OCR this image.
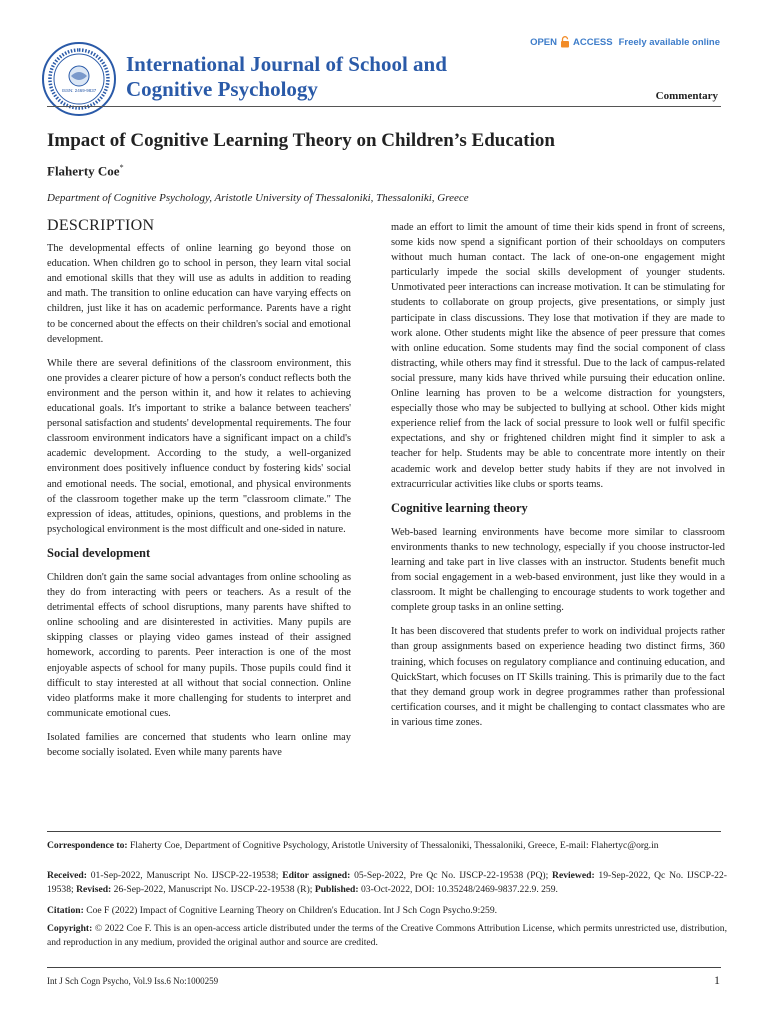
ISSN: 2469-9837
International Journal of School and
Cognitive Psychology
OPEN ACCESS Freely available online
Commentary
Impact of Cognitive Learning Theory on Children’s Education
Flaherty Coe*
Department of Cognitive Psychology, Aristotle University of Thessaloniki, Thessaloniki, Greece
DESCRIPTION

The developmental effects of online learning go beyond those on education. When children go to school in person, they learn vital social and emotional skills that they will use as adults in addition to reading and math. The transition to online education can have varying effects on children, just like it has on academic performance. Parents have a right to be concerned about the effects on their children's social and emotional development.

While there are several definitions of the classroom environment, this one provides a clearer picture of how a person's conduct reflects both the environment and the person within it, and how it relates to achieving educational goals. It's important to strike a balance between teachers' personal satisfaction and students' developmental requirements. The four classroom environment indicators have a significant impact on a child's academic development. According to the study, a well-organized environment does positively influence conduct by fostering kids' social and emotional needs. The social, emotional, and physical environments of the classroom together make up the term "classroom climate." The expression of ideas, attitudes, opinions, questions, and problems in the psychological environment is the most difficult and one-sided in nature.

Social development

Children don't gain the same social advantages from online schooling as they do from interacting with peers or teachers. As a result of the detrimental effects of school disruptions, many parents have shifted to online schooling and are disinterested in activities. Many pupils are skipping classes or playing video games instead of their assigned homework, according to parents. Peer interaction is one of the most enjoyable aspects of school for many pupils. Those pupils could find it difficult to stay interested at all without that social connection. Online video platforms make it more challenging for students to interpret and communicate emotional cues.

Isolated families are concerned that students who learn online may become socially isolated. Even while many parents have

made an effort to limit the amount of time their kids spend in front of screens, some kids now spend a significant portion of their schooldays on computers without much human contact. The lack of one-on-one engagement might particularly impede the social skills development of younger students. Unmotivated peer interactions can increase motivation. It can be stimulating for students to collaborate on group projects, give presentations, or simply just participate in class discussions. They lose that motivation if they are made to work alone. Other students might like the absence of peer pressure that comes with online education. Some students may find the social component of class distracting, while others may find it stressful. Due to the lack of campus-related social pressure, many kids have thrived while pursuing their education online. Online learning has proven to be a welcome distraction for youngsters, especially those who may be subjected to bullying at school. Other kids might experience relief from the lack of social pressure to look well or fulfil specific expectations, and shy or frightened children might find it simpler to ask a teacher for help. Students may be able to concentrate more intently on their academic work and develop better study habits if they are not involved in extracurricular activities like clubs or sports teams.

Cognitive learning theory

Web-based learning environments have become more similar to classroom environments thanks to new technology, especially if you choose instructor-led learning and take part in live classes with an instructor. Students benefit much from social engagement in a web-based environment, just like they would in a classroom. It might be challenging to encourage students to work together and complete group tasks in an online setting.

It has been discovered that students prefer to work on individual projects rather than group assignments based on experience heading two distinct firms, 360 training, which focuses on regulatory compliance and continuing education, and QuickStart, which focuses on IT Skills training. This is primarily due to the fact that they demand group work in degree programmes rather than professional certification courses, and it might be challenging to contact classmates who are in various time zones.

Correspondence to: Flaherty Coe, Department of Cognitive Psychology, Aristotle University of Thessaloniki, Thessaloniki, Greece, E-mail: Flahertyc@org.in
Received: 01-Sep-2022, Manuscript No. IJSCP-22-19538; Editor assigned: 05-Sep-2022, Pre Qc No. IJSCP-22-19538 (PQ); Reviewed: 19-Sep-2022, Qc No. IJSCP-22-19538; Revised: 26-Sep-2022, Manuscript No. IJSCP-22-19538 (R); Published: 03-Oct-2022, DOI: 10.35248/2469-9837.22.9. 259.
Citation: Coe F (2022) Impact of Cognitive Learning Theory on Children's Education. Int J Sch Cogn Psycho.9:259.
Copyright: © 2022 Coe F. This is an open-access article distributed under the terms of the Creative Commons Attribution License, which permits unrestricted use, distribution, and reproduction in any medium, provided the original author and source are credited.
Int J Sch Cogn Psycho, Vol.9 Iss.6 No:1000259	1
